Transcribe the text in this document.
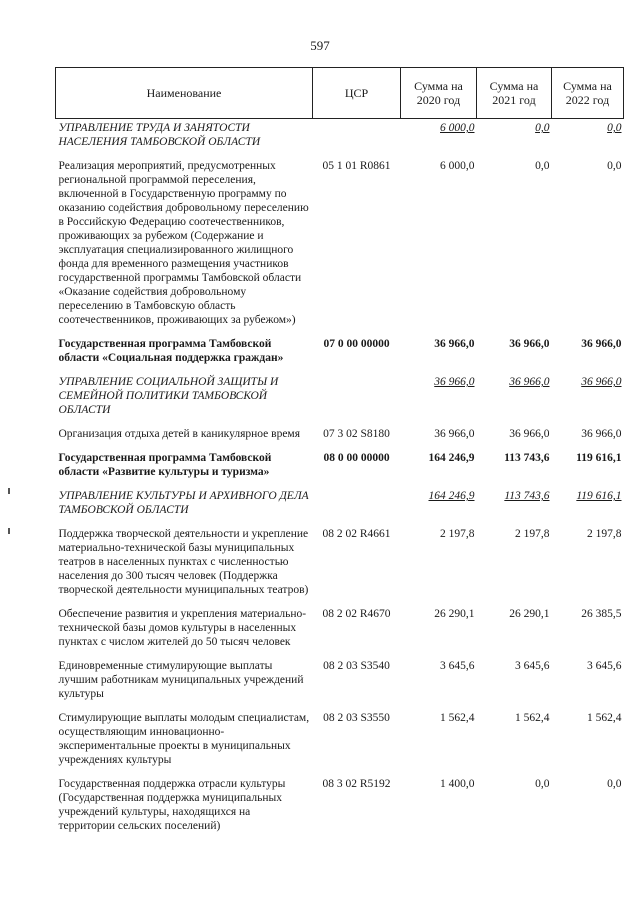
597
Наименование	ЦСР	Сумма на 2020 год	Сумма на 2021 год	Сумма на 2022 год
УПРАВЛЕНИЕ ТРУДА И ЗАНЯТОСТИ НАСЕЛЕНИЯ ТАМБОВСКОЙ ОБЛАСТИ		6 000,0	0,0	0,0
Реализация мероприятий, предусмотренных региональной программой переселения, включенной в Государственную программу по оказанию содействия добровольному переселению в Российскую Федерацию соотечественников, проживающих за рубежом (Содержание и эксплуатация специализированного жилищного фонда для временного размещения участников государственной программы Тамбовской области «Оказание содействия добровольному переселению в Тамбовскую область соотечественников, проживающих за рубежом»)	05 1 01 R0861	6 000,0	0,0	0,0
Государственная программа Тамбовской области «Социальная поддержка граждан»	07 0 00 00000	36 966,0	36 966,0	36 966,0
УПРАВЛЕНИЕ СОЦИАЛЬНОЙ ЗАЩИТЫ И СЕМЕЙНОЙ ПОЛИТИКИ ТАМБОВСКОЙ ОБЛАСТИ		36 966,0	36 966,0	36 966,0
Организация отдыха детей в каникулярное время	07 3 02 S8180	36 966,0	36 966,0	36 966,0
Государственная программа Тамбовской области «Развитие культуры и туризма»	08 0 00 00000	164 246,9	113 743,6	119 616,1
УПРАВЛЕНИЕ КУЛЬТУРЫ И АРХИВНОГО ДЕЛА ТАМБОВСКОЙ ОБЛАСТИ		164 246,9	113 743,6	119 616,1
Поддержка творческой деятельности и укрепление материально-технической базы муниципальных театров в населенных пунктах с численностью населения до 300 тысяч человек (Поддержка творческой деятельности муниципальных театров)	08 2 02 R4661	2 197,8	2 197,8	2 197,8
Обеспечение развития и укрепления материально-технической базы домов культуры в населенных пунктах с числом жителей до 50 тысяч человек	08 2 02 R4670	26 290,1	26 290,1	26 385,5
Единовременные стимулирующие выплаты лучшим работникам муниципальных учреждений культуры	08 2 03 S3540	3 645,6	3 645,6	3 645,6
Стимулирующие выплаты молодым специалистам, осуществляющим инновационно-экспериментальные проекты в муниципальных учреждениях культуры	08 2 03 S3550	1 562,4	1 562,4	1 562,4
Государственная поддержка отрасли культуры (Государственная поддержка муниципальных учреждений культуры, находящихся на территории сельских поселений)	08 3 02 R5192	1 400,0	0,0	0,0
